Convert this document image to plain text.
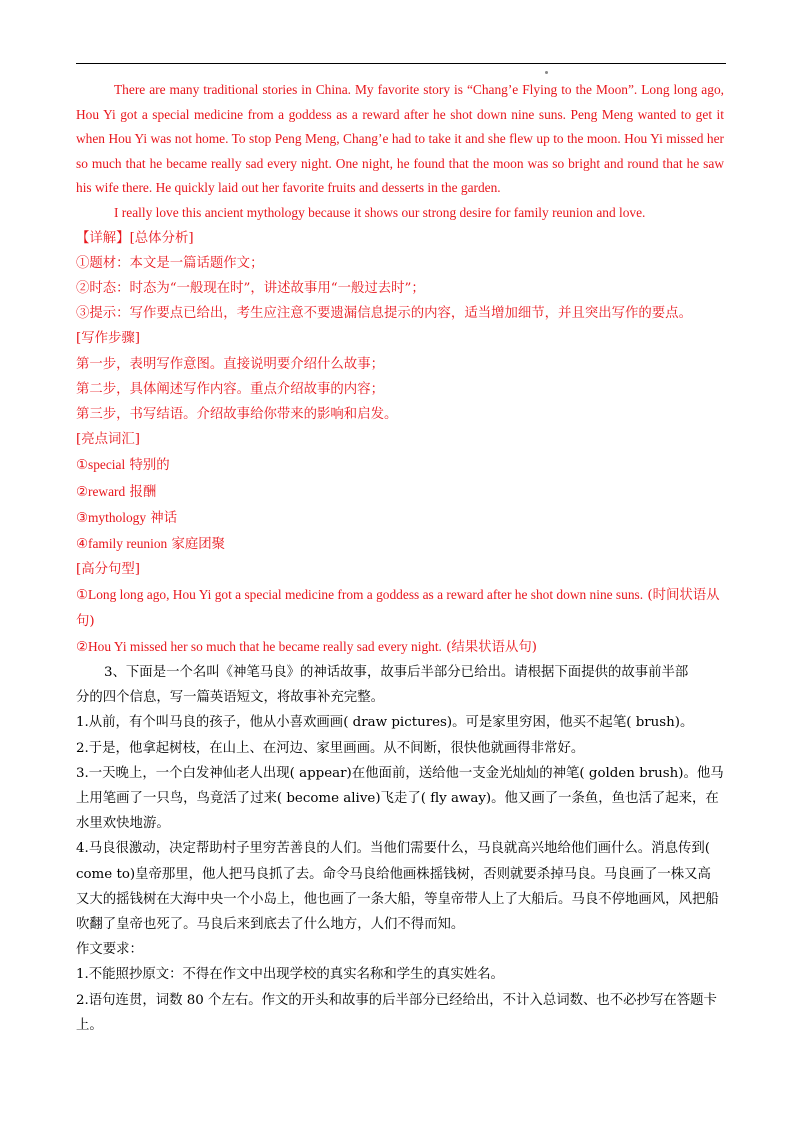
There are many traditional stories in China. My favorite story is “Chang’e Flying to the Moon”. Long long ago, Hou Yi got a special medicine from a goddess as a reward after he shot down nine suns. Peng Meng wanted to get it when Hou Yi was not home. To stop Peng Meng, Chang’e had to take it and she flew up to the moon. Hou Yi missed her so much that he became really sad every night. One night, he found that the moon was so bright and round that he saw his wife there. He quickly laid out her favorite fruits and desserts in the garden.

I really love this ancient mythology because it shows our strong desire for family reunion and love.

【详解】[总体分析]

①题材：本文是一篇话题作文；

②时态：时态为“一般现在时”，讲述故事用“一般过去时”；

③提示：写作要点已给出，考生应注意不要遗漏信息提示的内容，适当增加细节，并且突出写作的要点。

[写作步骤]

第一步，表明写作意图。直接说明要介绍什么故事；

第二步，具体阐述写作内容。重点介绍故事的内容；

第三步，书写结语。介绍故事给你带来的影响和启发。

[亮点词汇]

①special 特别的

②reward 报酬

③mythology 神话

④family reunion 家庭团聚

[高分句型]

①Long long ago, Hou Yi got a special medicine from a goddess as a reward after he shot down nine suns. (时间状语从句)

②Hou Yi missed her so much that he became really sad every night. (结果状语从句)

3、下面是一个名叫《神笔马良》的神话故事，故事后半部分已给出。请根据下面提供的故事前半部

分的四个信息，写一篇英语短文，将故事补充完整。

1.从前，有个叫马良的孩子，他从小喜欢画画( draw pictures)。可是家里穷困，他买不起笔( brush)。

2.于是，他拿起树枝，在山上、在河边、家里画画。从不间断，很快他就画得非常好。

3.一天晚上，一个白发神仙老人出现( appear)在他面前，送给他一支金光灿灿的神笔( golden brush)。他马上用笔画了一只鸟，鸟竟活了过来( become alive)飞走了( fly away)。他又画了一条鱼，鱼也活了起来，在水里欢快地游。

4.马良很激动，决定帮助村子里穷苦善良的人们。当他们需要什么，马良就高兴地给他们画什么。消息传到( come to)皇帝那里，他人把马良抓了去。命令马良给他画株摇钱树，否则就要杀掉马良。马良画了一株又高又大的摇钱树在大海中央一个小岛上，他也画了一条大船，等皇帝带人上了大船后。马良不停地画风，风把船吹翻了皇帝也死了。马良后来到底去了什么地方，人们不得而知。

作文要求：

1.不能照抄原文：不得在作文中出现学校的真实名称和学生的真实姓名。

2.语句连贯，词数 80 个左右。作文的开头和故事的后半部分已经给出，不计入总词数、也不必抄写在答题卡上。
